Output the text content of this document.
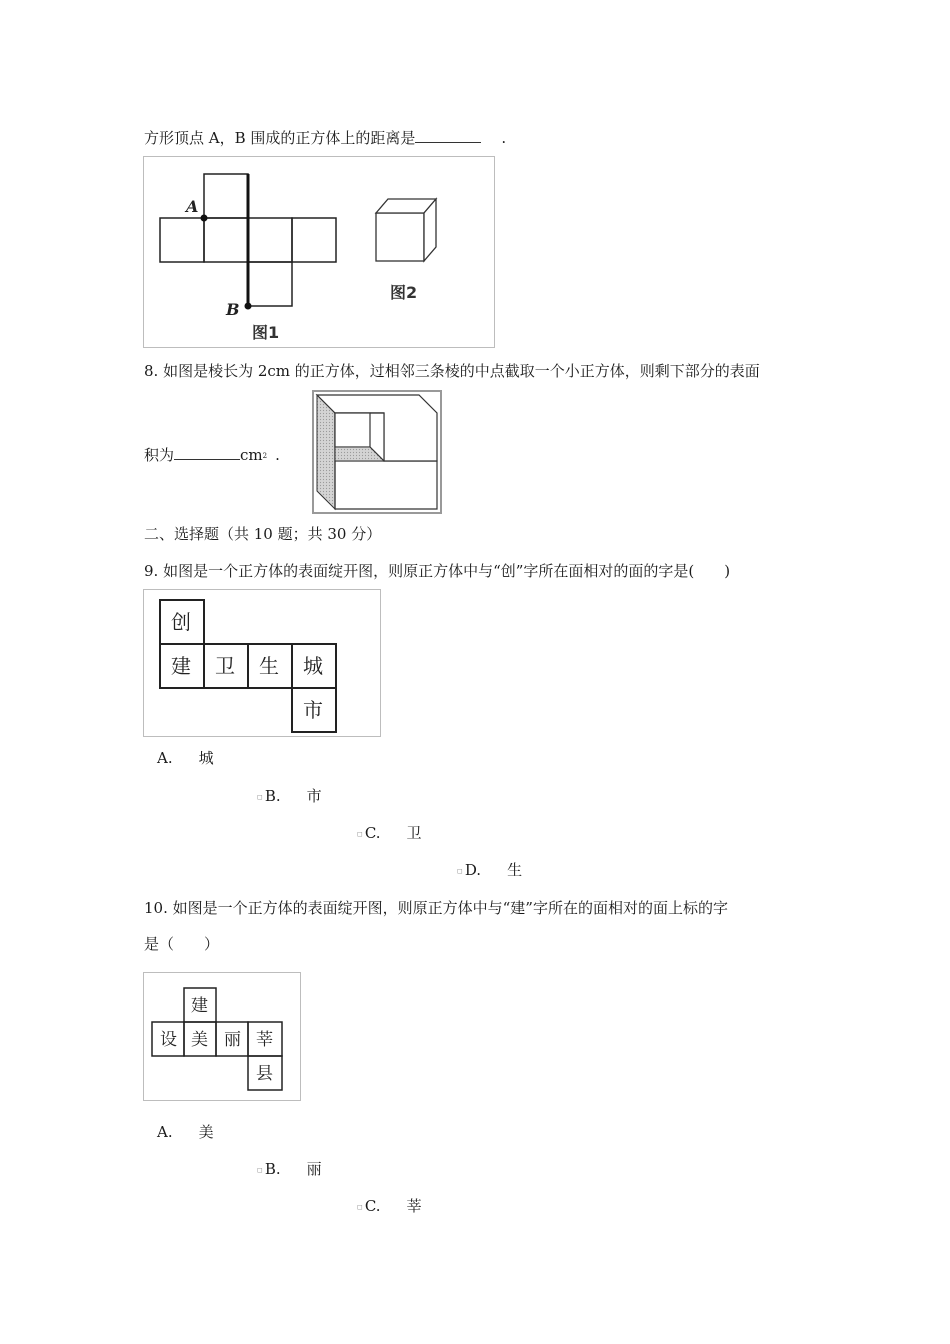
方形顶点 A，B 围成的正方体上的距离是	.
A
B
图1
图2
8. 如图是棱长为 2cm 的正方体，过相邻三条棱的中点截取一个小正方体，则剩下部分的表面
积为	$cm^2$ .
二、选择题（共 10 题；共 30 分）
9. 如图是一个正方体的表面绽开图，则原正方体中与“创”字所在面相对的面的字是(　　)
创
建 卫 生 城
市
A. 城
◻ B. 市
◻ C. 卫
◻ D. 生
10. 如图是一个正方体的表面绽开图，则原正方体中与“建”字所在的面相对的面上标的字
是（　　）
建
设 美 丽 莘
县
A. 美
◻ B. 丽
◻ C. 莘
